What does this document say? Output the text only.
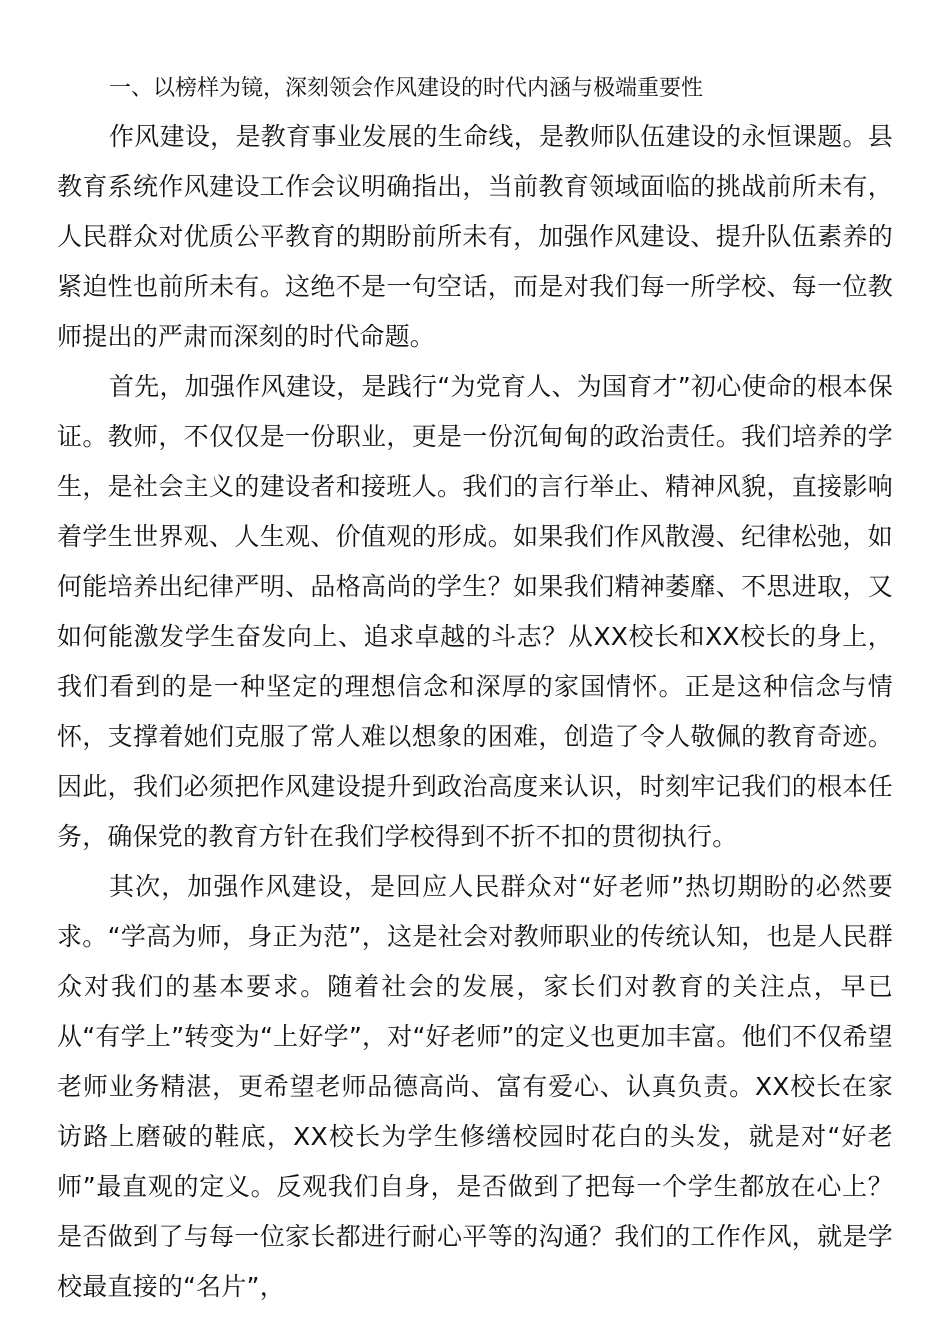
一、以榜样为镜，深刻领会作风建设的时代内涵与极端重要性

作风建设，是教育事业发展的生命线，是教师队伍建设的永恒课题。县教育系统作风建设工作会议明确指出，当前教育领域面临的挑战前所未有，人民群众对优质公平教育的期盼前所未有，加强作风建设、提升队伍素养的紧迫性也前所未有。这绝不是一句空话，而是对我们每一所学校、每一位教师提出的严肃而深刻的时代命题。

首先，加强作风建设，是践行“为党育人、为国育才”初心使命的根本保证。教师，不仅仅是一份职业，更是一份沉甸甸的政治责任。我们培养的学生，是社会主义的建设者和接班人。我们的言行举止、精神风貌，直接影响着学生世界观、人生观、价值观的形成。如果我们作风散漫、纪律松弛，如何能培养出纪律严明、品格高尚的学生？如果我们精神萎靡、不思进取，又如何能激发学生奋发向上、追求卓越的斗志？从XX校长和XX校长的身上，我们看到的是一种坚定的理想信念和深厚的家国情怀。正是这种信念与情怀，支撑着她们克服了常人难以想象的困难，创造了令人敬佩的教育奇迹。因此，我们必须把作风建设提升到政治高度来认识，时刻牢记我们的根本任务，确保党的教育方针在我们学校得到不折不扣的贯彻执行。

其次，加强作风建设，是回应人民群众对“好老师”热切期盼的必然要求。“学高为师，身正为范”，这是社会对教师职业的传统认知，也是人民群众对我们的基本要求。随着社会的发展，家长们对教育的关注点，早已从“有学上”转变为“上好学”，对“好老师”的定义也更加丰富。他们不仅希望老师业务精湛，更希望老师品德高尚、富有爱心、认真负责。XX校长在家访路上磨破的鞋底，XX校长为学生修缮校园时花白的头发，就是对“好老师”最直观的定义。反观我们自身，是否做到了把每一个学生都放在心上？是否做到了与每一位家长都进行耐心平等的沟通？我们的工作作风，就是学校最直接的“名片”，
